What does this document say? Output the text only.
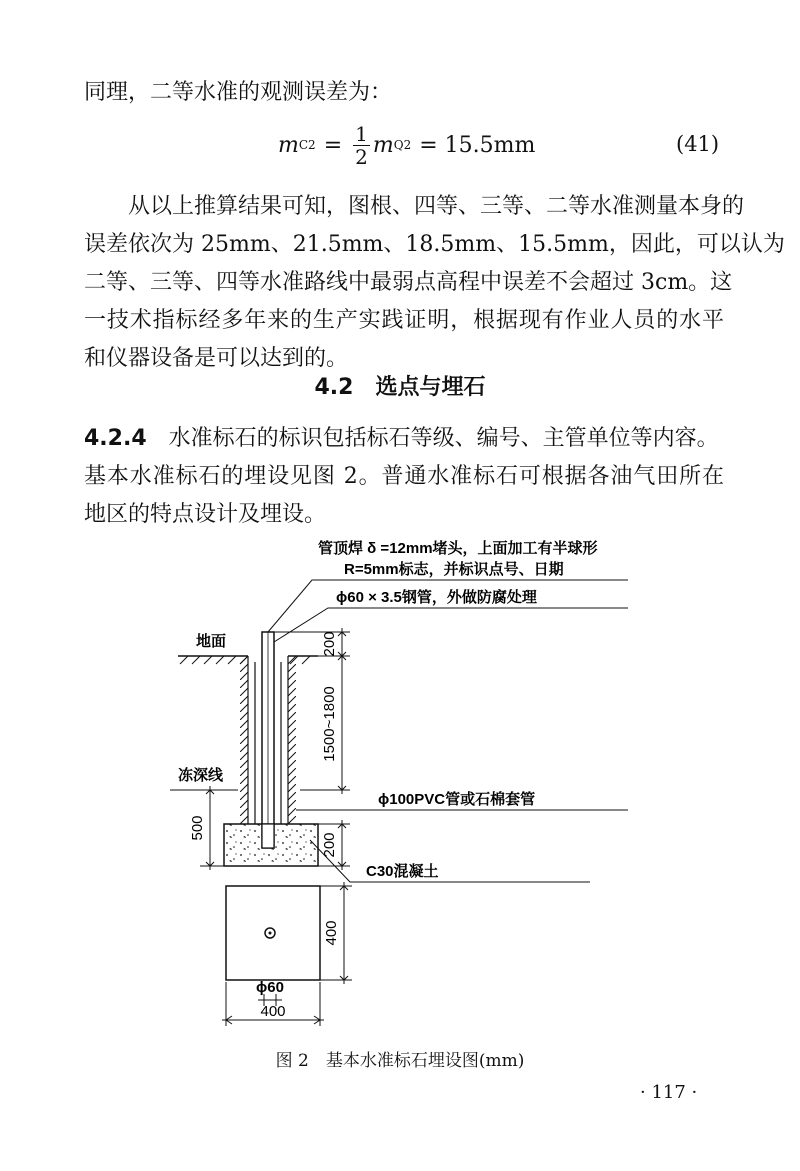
同理，二等水准的观测误差为：
m $C2 = \frac{1}{2}$ m Q2 = 15.5mm	(41)
从以上推算结果可知，图根、四等、三等、二等水准测量本身的
误差依次为 25mm、21.5mm、18.5mm、15.5mm，因此，可以认为
二等、三等、四等水准路线中最弱点高程中误差不会超过 3cm。这
一技术指标经多年来的生产实践证明，根据现有作业人员的水平
和仪器设备是可以达到的。
4.2　选点与埋石
4.2.4　 水准标石的标识包括标石等级、编号、主管单位等内容。
基本水准标石的埋设见图 2。普通水准标石可根据各油气田所在
地区的特点设计及埋设。
管顶焊 δ =12mm堵头，上面加工有半球形
R=5mm标志，并标识点号、日期
ϕ60 × 3.5钢管，外做防腐处理
地面
冻深线
ϕ100PVC管或石棉套管
C30混凝土
200
1500~1800
500
200
400
ϕ60
400
图 2　基本水准标石埋设图(mm)
· 117 ·
